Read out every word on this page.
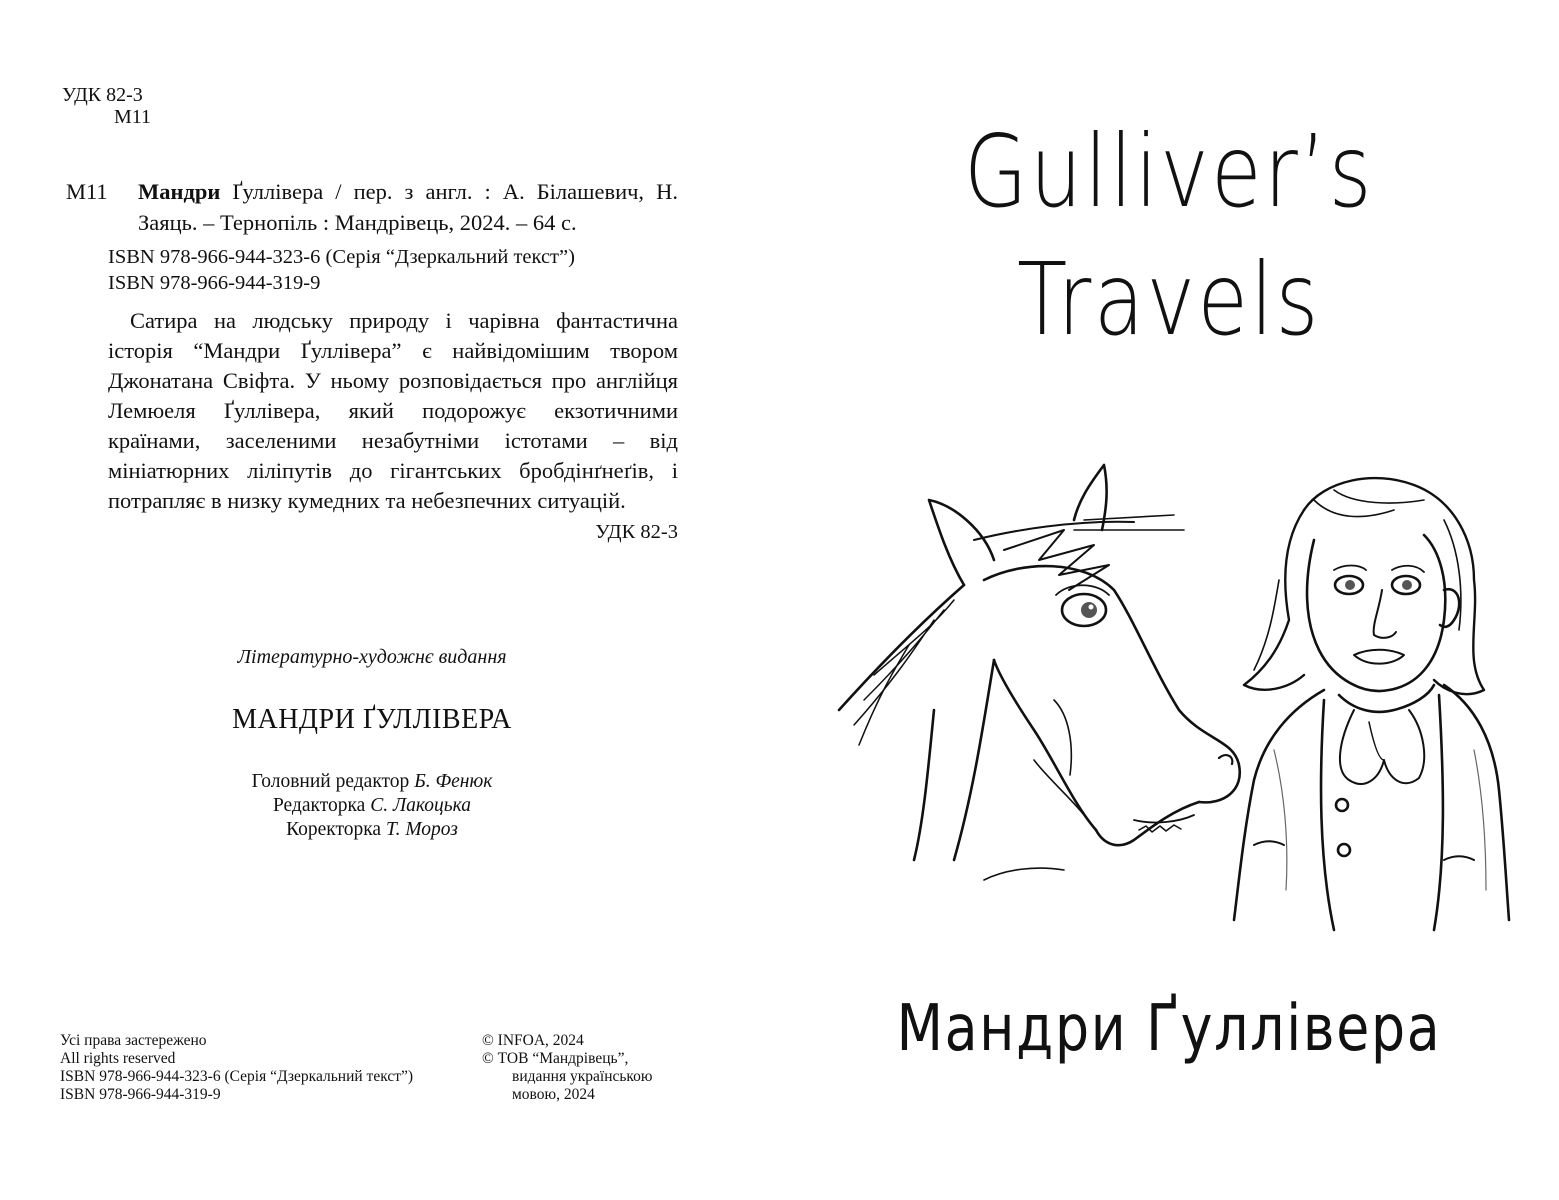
УДК 82-3
М11
М11	Мандри Ґуллівера / пер. з англ. : А. Білашевич, Н. Заяць. – Тернопіль : Мандрівець, 2024. – 64 с.
ISBN 978-966-944-323-6 (Серія “Дзеркальний текст”)
ISBN 978-966-944-319-9
Сатира на людську природу і чарівна фантастична історія “Мандри Ґуллівера” є найвідомішим твором Джонатана Свіфта. У ньому розповідається про англійця Лемюеля Ґуллівера, який подорожує екзотичними країнами, заселеними незабутніми істотами – від мініатюрних ліліпутів до гігантських бробдінґнеґів, і потрапляє в низку кумедних та небезпечних ситуацій.
УДК 82-3
Літературно-художнє видання
МАНДРИ ҐУЛЛІВЕРА
Головний редактор Б. Фенюк
Редакторка С. Лакоцька
Коректорка Т. Мороз
Усі права застережено
All rights reserved
ISBN 978-966-944-323-6 (Серія “Дзеркальний текст”)
ISBN 978-966-944-319-9
© INFOA, 2024
© ТОВ “Мандрівець”,
видання українською
мовою, 2024
Gulliver’s
Travels
Мандри Ґуллівера
